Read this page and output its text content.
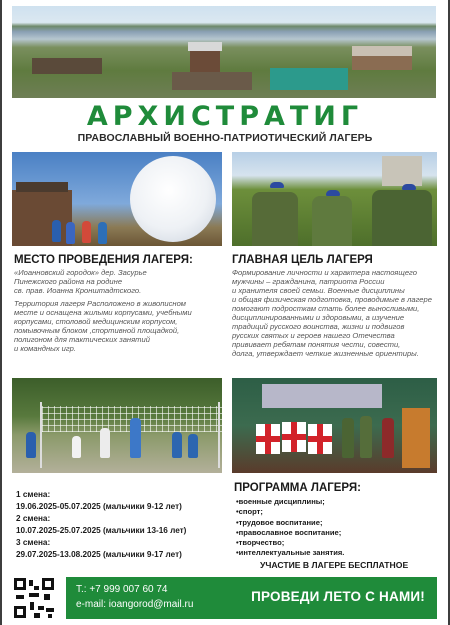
АРХИСТРАТИГ
ПРАВОСЛАВНЫЙ ВОЕННО-ПАТРИОТИЧЕСКИЙ ЛАГЕРЬ
МЕСТО ПРОВЕДЕНИЯ ЛАГЕРЯ:

«Иоанновский городок» дер. Засурье
Пинежского района на родине
св. прав. Иоанна Кронштадтского.

Территория лагеря Расположено в живописном
месте и оснащена жилыми корпусами, учебными
корпусами, столовой медицинским корпусом,
помывочным блоком ,спортивной площадкой,
полигоном для тактических занятий
и командных игр.

ГЛАВНАЯ ЦЕЛЬ ЛАГЕРЯ
Формирование личности и характера настоящего
мужчины – гражданина, патриота России
и хранителя своей семьи. Военные дисциплины
и общая физическая подготовка, проводимые в лагере
помогают подросткам стать более выносливыми,
дисциплинированными и здоровыми, а изучение
традиций русского воинства, жизни и подвигов
русских святых и героев нашего Отечества
прививает ребятам понятия чести, совести,
долга, утверждает четкие жизненные ориентиры.
1 смена:
19.06.2025-05.07.2025 (мальчики 9-12 лет)
2 смена:
10.07.2025-25.07.2025 (мальчики 13-16 лет)
3 смена:
29.07.2025-13.08.2025 (мальчики 9-17 лет)
ПРОГРАММА ЛАГЕРЯ:
•военные дисциплины;
•спорт;
•трудовое воспитание;
•православное воспитание;
•творчество;
•интеллектуальные занятия.
УЧАСТИЕ В ЛАГЕРЕ БЕСПЛАТНОЕ
Т.: +7 999 007 60 74
e-mail: ioangorod@mail.ru
ПРОВЕДИ ЛЕТО С НАМИ!
